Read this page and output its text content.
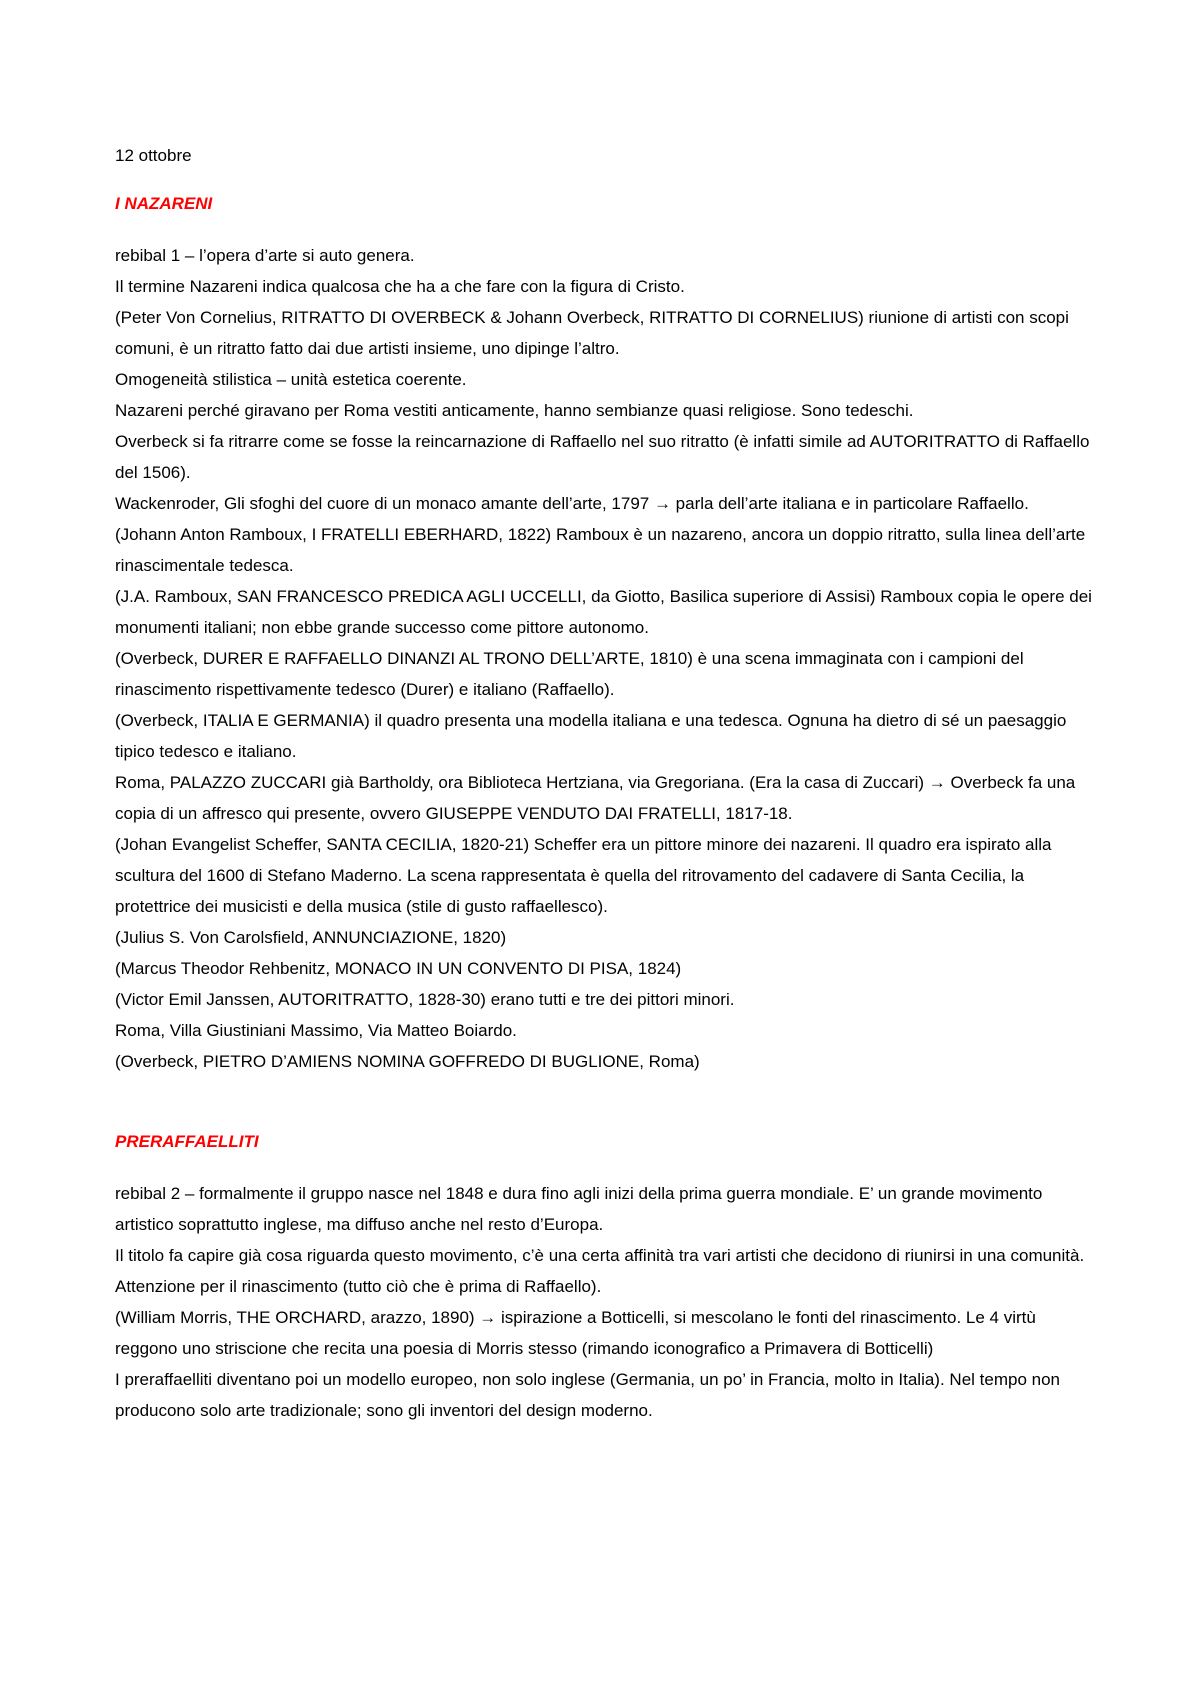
12 ottobre

I NAZARENI

rebibal 1 – l’opera d’arte si auto genera.

Il termine Nazareni indica qualcosa che ha a che fare con la figura di Cristo.

(Peter Von Cornelius, RITRATTO DI OVERBECK & Johann Overbeck, RITRATTO DI CORNELIUS) riunione di artisti con scopi comuni, è un ritratto fatto dai due artisti insieme, uno dipinge l’altro.

Omogeneità stilistica – unità estetica coerente.

Nazareni perché giravano per Roma vestiti anticamente, hanno sembianze quasi religiose. Sono tedeschi.

Overbeck si fa ritrarre come se fosse la reincarnazione di Raffaello nel suo ritratto (è infatti simile ad AUTORITRATTO di Raffaello del 1506).

Wackenroder, Gli sfoghi del cuore di un monaco amante dell’arte, 1797 → parla dell’arte italiana e in particolare Raffaello.

(Johann Anton Ramboux, I FRATELLI EBERHARD, 1822) Ramboux è un nazareno, ancora un doppio ritratto, sulla linea dell’arte rinascimentale tedesca.

(J.A. Ramboux, SAN FRANCESCO PREDICA AGLI UCCELLI, da Giotto, Basilica superiore di Assisi) Ramboux copia le opere dei monumenti italiani; non ebbe grande successo come pittore autonomo.

(Overbeck, DURER E RAFFAELLO DINANZI AL TRONO DELL’ARTE, 1810) è una scena immaginata con i campioni del rinascimento rispettivamente tedesco (Durer) e italiano (Raffaello).

(Overbeck, ITALIA E GERMANIA) il quadro presenta una modella italiana e una tedesca. Ognuna ha dietro di sé un paesaggio tipico tedesco e italiano.

Roma, PALAZZO ZUCCARI già Bartholdy, ora Biblioteca Hertziana, via Gregoriana. (Era la casa di Zuccari) → Overbeck fa una copia di un affresco qui presente, ovvero GIUSEPPE VENDUTO DAI FRATELLI, 1817-18.

(Johan Evangelist Scheffer, SANTA CECILIA, 1820-21) Scheffer era un pittore minore dei nazareni. Il quadro era ispirato alla scultura del 1600 di Stefano Maderno. La scena rappresentata è quella del ritrovamento del cadavere di Santa Cecilia, la protettrice dei musicisti e della musica (stile di gusto raffaellesco).

(Julius S. Von Carolsfield, ANNUNCIAZIONE, 1820)

(Marcus Theodor Rehbenitz, MONACO IN UN CONVENTO DI PISA, 1824)

(Victor Emil Janssen, AUTORITRATTO, 1828-30) erano tutti e tre dei pittori minori.

Roma, Villa Giustiniani Massimo, Via Matteo Boiardo.

(Overbeck, PIETRO D’AMIENS NOMINA GOFFREDO DI BUGLIONE, Roma)

PRERAFFAELLITI

rebibal 2 – formalmente il gruppo nasce nel 1848 e dura fino agli inizi della prima guerra mondiale. E’ un grande movimento artistico soprattutto inglese, ma diffuso anche nel resto d’Europa.

Il titolo fa capire già cosa riguarda questo movimento, c’è una certa affinità tra vari artisti che decidono di riunirsi in una comunità. Attenzione per il rinascimento (tutto ciò che è prima di Raffaello).

(William Morris, THE ORCHARD, arazzo, 1890) → ispirazione a Botticelli, si mescolano le fonti del rinascimento. Le 4 virtù reggono uno striscione che recita una poesia di Morris stesso (rimando iconografico a Primavera di Botticelli)

I preraffaelliti diventano poi un modello europeo, non solo inglese (Germania, un po’ in Francia, molto in Italia). Nel tempo non producono solo arte tradizionale; sono gli inventori del design moderno.
